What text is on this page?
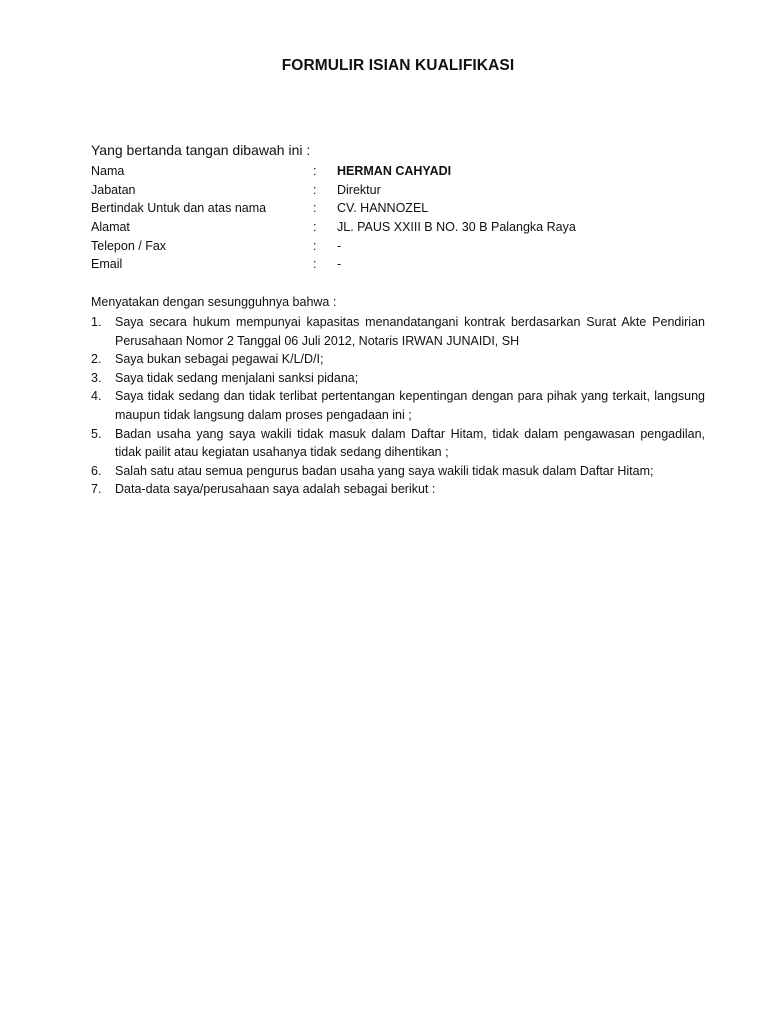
FORMULIR ISIAN KUALIFIKASI
Yang bertanda tangan dibawah ini :
Nama	:	HERMAN CAHYADI
Jabatan	:	Direktur
Bertindak Untuk dan atas nama	:	CV. HANNOZEL
Alamat	:	JL. PAUS XXIII B NO. 30 B Palangka Raya
Telepon / Fax	:	-
Email	:	-
Menyatakan dengan sesungguhnya bahwa :
1.	Saya secara hukum mempunyai kapasitas menandatangani kontrak berdasarkan Surat Akte Pendirian Perusahaan Nomor 2 Tanggal 06 Juli 2012, Notaris IRWAN JUNAIDI, SH
2.	Saya bukan sebagai pegawai K/L/D/I;
3.	Saya tidak sedang menjalani sanksi pidana;
4.	Saya tidak sedang dan tidak terlibat pertentangan kepentingan dengan para pihak yang terkait, langsung maupun tidak langsung dalam proses pengadaan ini ;
5.	Badan usaha yang saya wakili tidak masuk dalam Daftar Hitam, tidak dalam pengawasan pengadilan, tidak pailit atau kegiatan usahanya tidak sedang dihentikan ;
6.	Salah satu atau semua pengurus badan usaha yang saya wakili tidak masuk dalam Daftar Hitam;
7.	Data-data saya/perusahaan saya adalah sebagai berikut :
